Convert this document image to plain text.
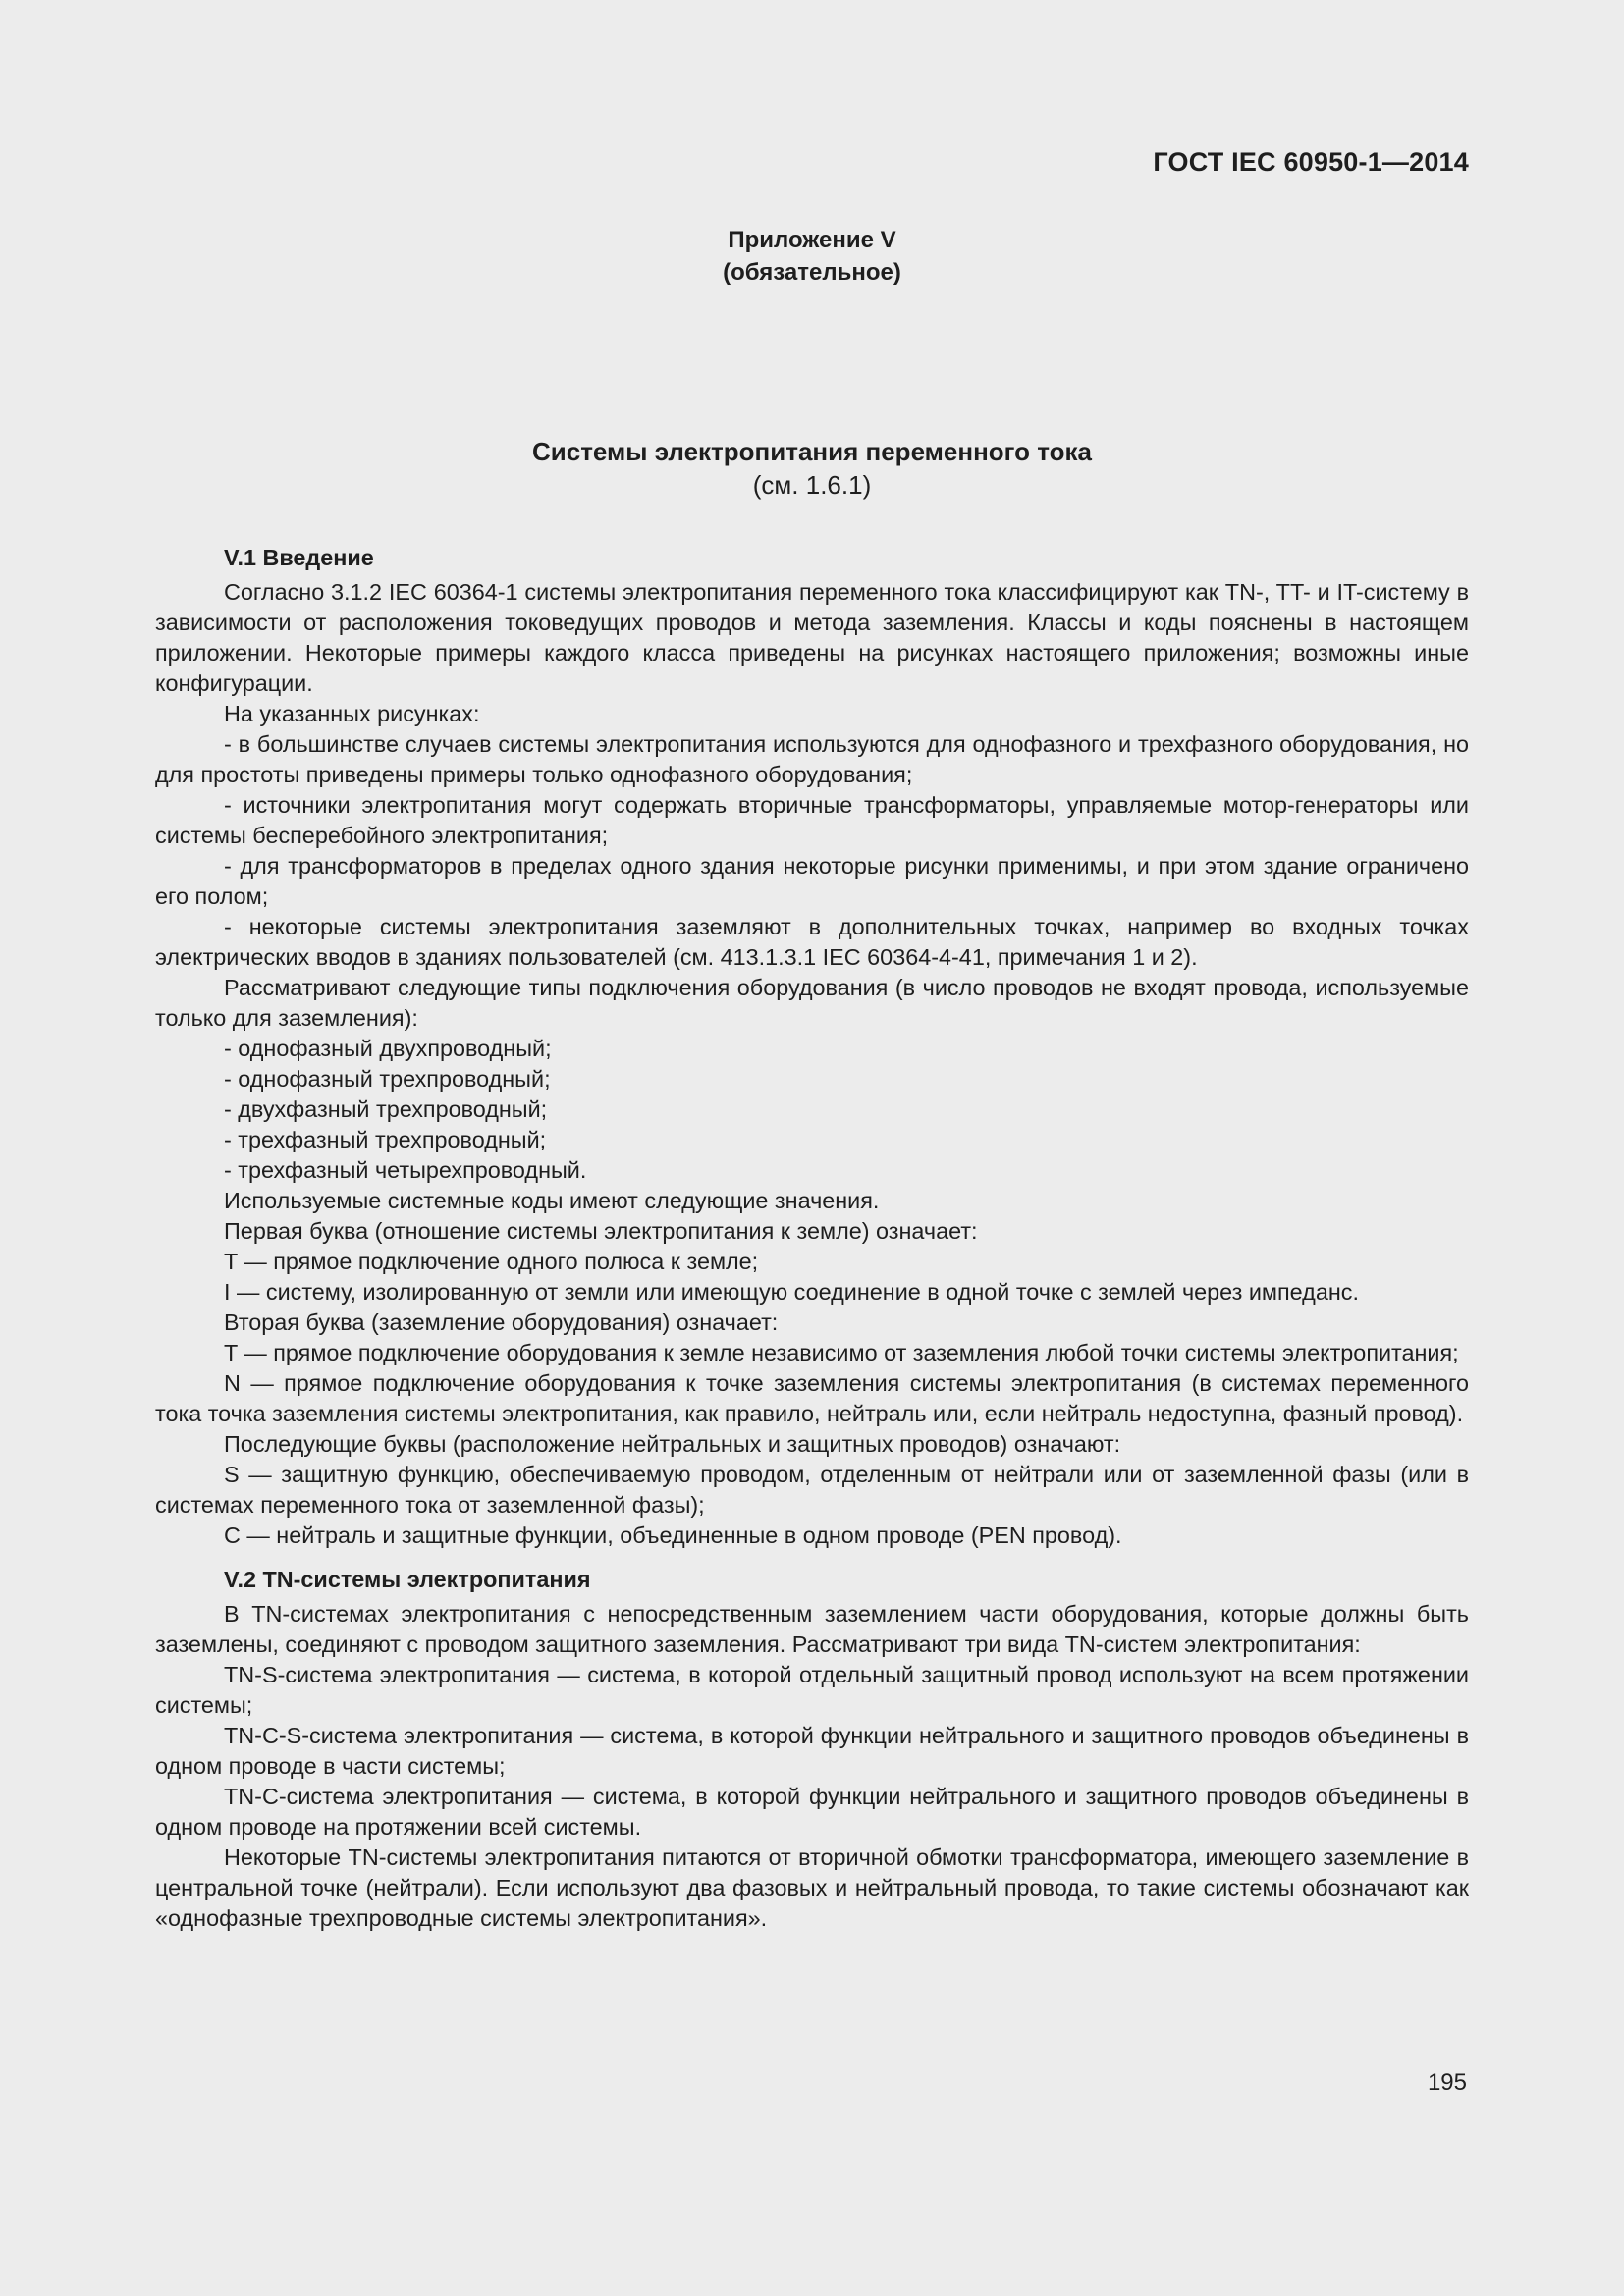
ГОСТ IEC 60950-1—2014
Приложение V
(обязательное)
Системы электропитания переменного тока
(см. 1.6.1)
V.1 Введение

Согласно 3.1.2 IEC 60364-1 системы электропитания переменного тока классифицируют как TN-, TT- и IT-систему в зависимости от расположения токоведущих проводов и метода заземления. Классы и коды пояснены в настоящем приложении. Некоторые примеры каждого класса приведены на рисунках настоящего приложения; возможны иные конфигурации.

На указанных рисунках:

- в большинстве случаев системы электропитания используются для однофазного и трехфазного оборудования, но для простоты приведены примеры только однофазного оборудования;

- источники электропитания могут содержать вторичные трансформаторы, управляемые мотор-генераторы или системы бесперебойного электропитания;

- для трансформаторов в пределах одного здания некоторые рисунки применимы, и при этом здание ограничено его полом;

- некоторые системы электропитания заземляют в дополнительных точках, например во входных точках электрических вводов в зданиях пользователей (см. 413.1.3.1 IEC 60364-4-41, примечания 1 и 2).

Рассматривают следующие типы подключения оборудования (в число проводов не входят провода, используемые только для заземления):

- однофазный двухпроводный;

- однофазный трехпроводный;

- двухфазный трехпроводный;

- трехфазный трехпроводный;

- трехфазный четырехпроводный.

Используемые системные коды имеют следующие значения.

Первая буква (отношение системы электропитания к земле) означает:

T — прямое подключение одного полюса к земле;

I — систему, изолированную от земли или имеющую соединение в одной точке с землей через импеданс.

Вторая буква (заземление оборудования) означает:

T — прямое подключение оборудования к земле независимо от заземления любой точки системы электропитания;

N — прямое подключение оборудования к точке заземления системы электропитания (в системах переменного тока точка заземления системы электропитания, как правило, нейтраль или, если нейтраль недоступна, фазный провод).

Последующие буквы (расположение нейтральных и защитных проводов) означают:

S — защитную функцию, обеспечиваемую проводом, отделенным от нейтрали или от заземленной фазы (или в системах переменного тока от заземленной фазы);

C — нейтраль и защитные функции, объединенные в одном проводе (PEN провод).

V.2 TN-системы электропитания

В TN-системах электропитания с непосредственным заземлением части оборудования, которые должны быть заземлены, соединяют с проводом защитного заземления. Рассматривают три вида TN-систем электропитания:

TN-S-система электропитания — система, в которой отдельный защитный провод используют на всем протяжении системы;

TN-C-S-система электропитания — система, в которой функции нейтрального и защитного проводов объединены в одном проводе в части системы;

TN-C-система электропитания — система, в которой функции нейтрального и защитного проводов объединены в одном проводе на протяжении всей системы.

Некоторые TN-системы электропитания питаются от вторичной обмотки трансформатора, имеющего заземление в центральной точке (нейтрали). Если используют два фазовых и нейтральный провода, то такие системы обозначают как «однофазные трехпроводные системы электропитания».

195
